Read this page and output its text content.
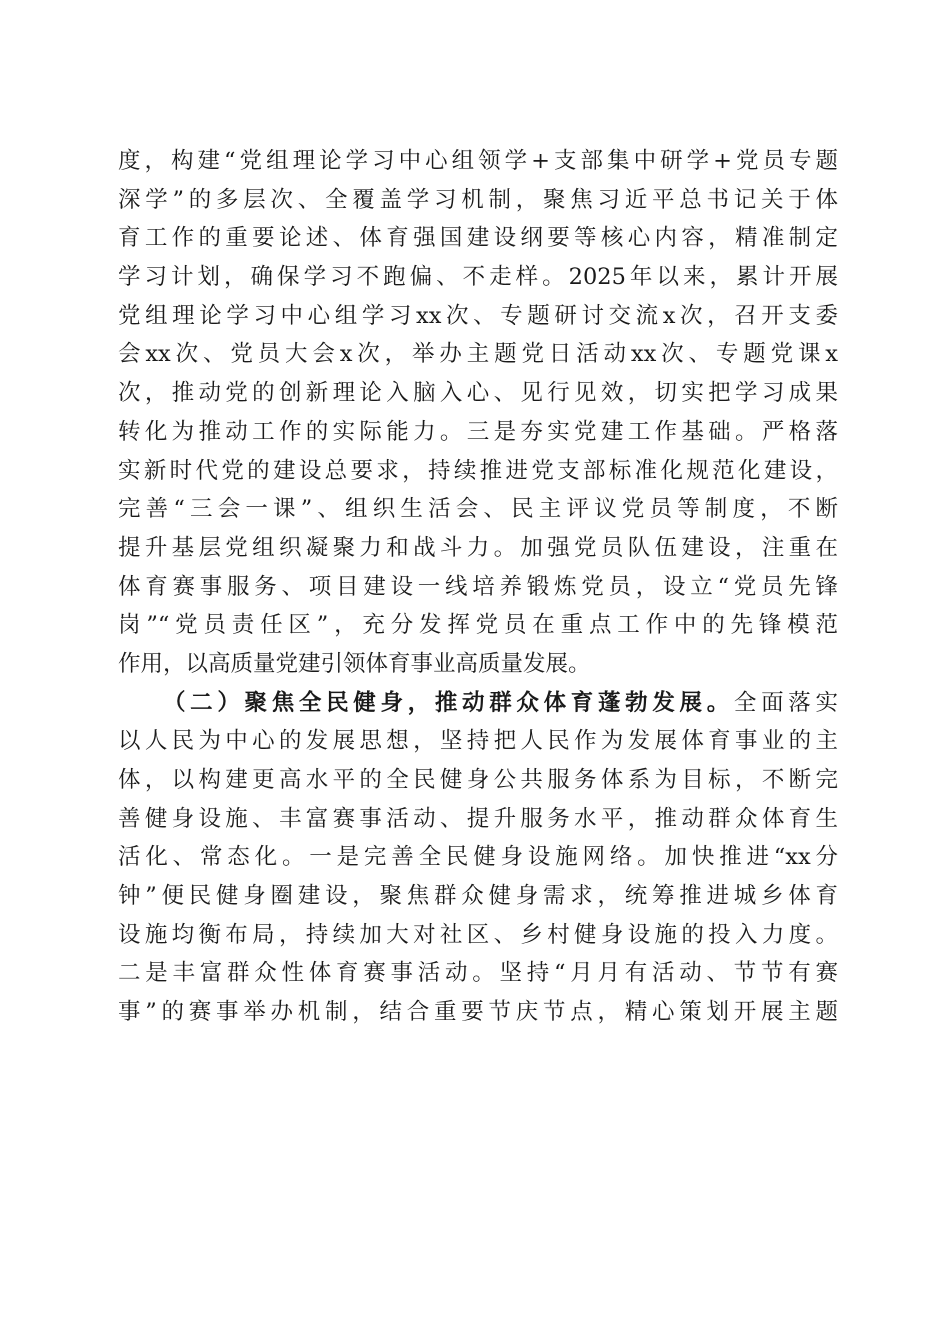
度，构建“党组理论学习中心组领学+支部集中研学+党员专题
深学”的多层次、全覆盖学习机制，聚焦习近平总书记关于体
育工作的重要论述、体育强国建设纲要等核心内容，精准制定
学习计划，确保学习不跑偏、不走样。2025年以来，累计开展
党组理论学习中心组学习xx次、专题研讨交流x次，召开支委
会xx次、党员大会x次，举办主题党日活动xx次、专题党课x
次，推动党的创新理论入脑入心、见行见效，切实把学习成果
转化为推动工作的实际能力。三是夯实党建工作基础。严格落
实新时代党的建设总要求，持续推进党支部标准化规范化建设，
完善“三会一课”、组织生活会、民主评议党员等制度，不断
提升基层党组织凝聚力和战斗力。加强党员队伍建设，注重在
体育赛事服务、项目建设一线培养锻炼党员，设立“党员先锋
岗”“党员责任区”，充分发挥党员在重点工作中的先锋模范
作用，以高质量党建引领体育事业高质量发展。
（二）聚焦全民健身，推动群众体育蓬勃发展。全面落实
以人民为中心的发展思想，坚持把人民作为发展体育事业的主
体，以构建更高水平的全民健身公共服务体系为目标，不断完
善健身设施、丰富赛事活动、提升服务水平，推动群众体育生
活化、常态化。一是完善全民健身设施网络。加快推进“xx分
钟”便民健身圈建设，聚焦群众健身需求，统筹推进城乡体育
设施均衡布局，持续加大对社区、乡村健身设施的投入力度。
二是丰富群众性体育赛事活动。坚持“月月有活动、节节有赛
事”的赛事举办机制，结合重要节庆节点，精心策划开展主题
